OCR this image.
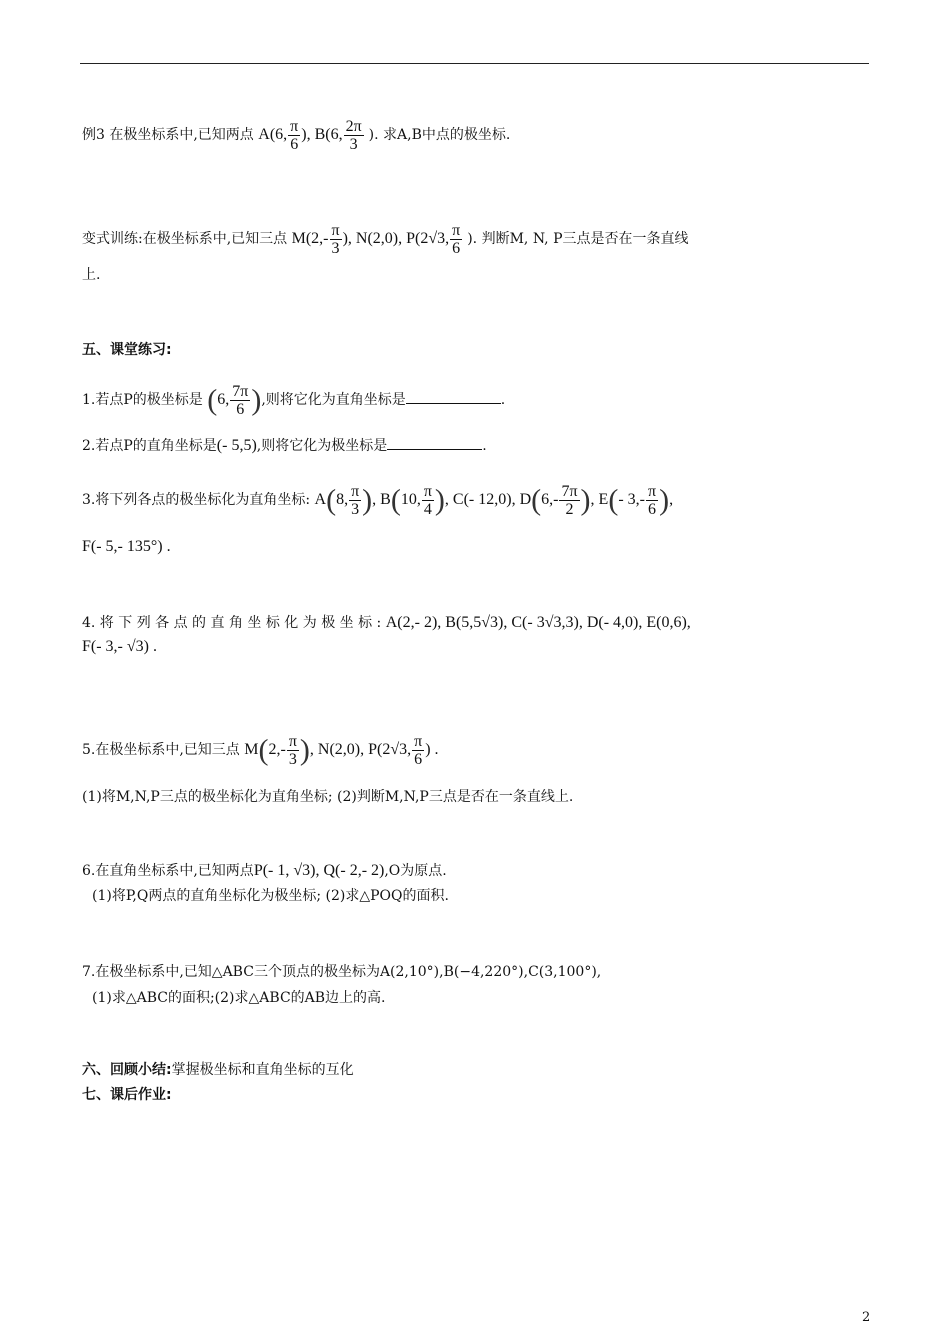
例3 在极坐标系中,已知两点 A(6, $\frac{\pi}{6}$ ), B(6, $\frac{2\pi}{3}$ ). 求A,B中点的极坐标.
变式训练:在极坐标系中,已知三点 $M(2,- \frac{\pi}{3}$ ), N(2,0), P(2√3, $\frac{\pi}{6}$ ). 判断M, N, P三点是否在一条直线
上.
五、课堂练习:
1.若点P的极坐标是 (6, $\frac{7\pi}{6}$ ),则将它化为直角坐标是	.
2.若点P的直角坐标是(- 5,5),则将它化为极坐标是	.
3.将下列各点的极坐标化为直角坐标: A(8, $\frac{\pi}{3}$ ), B(10, $\frac{\pi}{4}$ ), C(- 12,0), $D(6,- \frac{7\pi}{2}$ ), E(- $3,- \frac{\pi}{6}$ ),
F(- 5,- 135°) .
4. 将 下 列 各 点 的 直 角 坐 标 化 为 极 坐 标 : A(2,- 2), B(5,5√3), C(- 3√3,3), D(- 4,0), E(0,6),
F(- 3,- √3) .
5.在极坐标系中,已知三点 $M(2,- \frac{\pi}{3}$ ), N(2,0), P(2√3, $\frac{\pi}{6}$ ) .
(1)将M,N,P三点的极坐标化为直角坐标; (2)判断M,N,P三点是否在一条直线上.
6.在直角坐标系中,已知两点P(- 1, √3), Q(- 2,- 2),O为原点.
(1)将P,Q两点的直角坐标化为极坐标; (2)求△POQ的面积.
7.在极坐标系中,已知△ABC三个顶点的极坐标为A(2,10°),B(−4,220°),C(3,100°),
(1)求△ABC的面积;(2)求△ABC的AB边上的高.
六、回顾小结:掌握极坐标和直角坐标的互化
七、课后作业:
2
